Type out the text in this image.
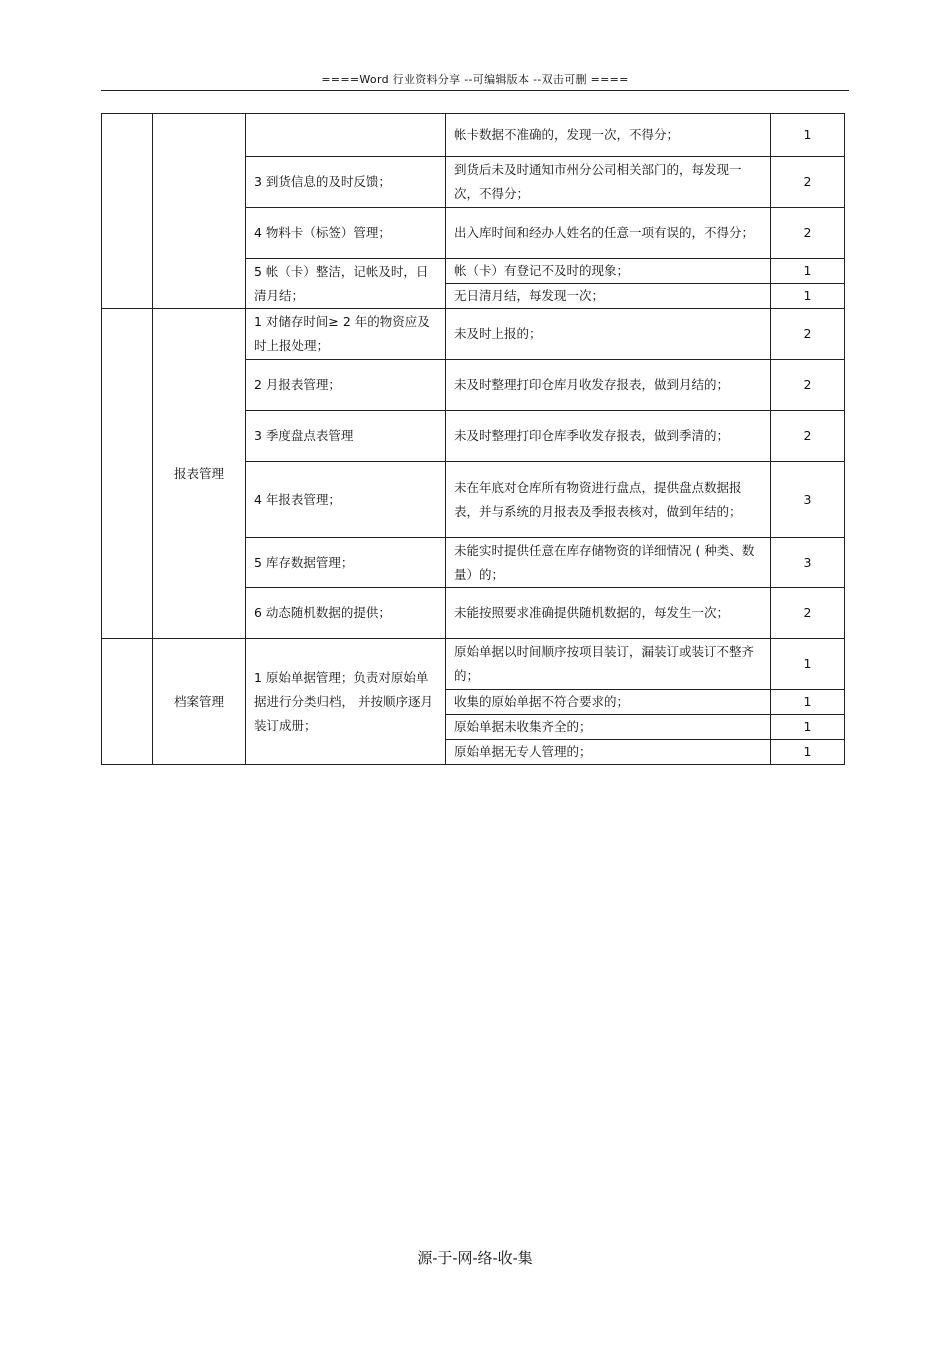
====Word 行业资料分享 --可编辑版本 --双击可删 ====
			帐卡数据不准确的，发现一次，不得分；	1
		3 到货信息的及时反馈；	到货后未及时通知市州分公司相关部门的，每发现一次，不得分；	2
		4 物料卡（标签）管理；	出入库时间和经办人姓名的任意一项有误的，不得分；	2
		5 帐（卡）整洁，记帐及时，日清月结；	帐（卡）有登记不及时的现象；	1
			无日清月结，每发现一次；	1
	报表管理	1 对储存时间≥ 2 年的物资应及时上报处理；	未及时上报的；	2
		2 月报表管理；	未及时整理打印仓库月收发存报表，做到月结的；	2
		3 季度盘点表管理	未及时整理打印仓库季收发存报表，做到季清的；	2
		4 年报表管理；	未在年底对仓库所有物资进行盘点，提供盘点数据报表，并与系统的月报表及季报表核对，做到年结的；	3
		5 库存数据管理；	未能实时提供任意在库存储物资的详细情况 ( 种类、数量）的；	3
		6 动态随机数据的提供；	未能按照要求准确提供随机数据的，每发生一次；	2
	档案管理	1 原始单据管理；负责对原始单据进行分类归档， 并按顺序逐月装订成册；	原始单据以时间顺序按项目装订，漏装订或装订不整齐的；	1
			收集的原始单据不符合要求的；	1
			原始单据未收集齐全的；	1
			原始单据无专人管理的；	1
源-于-网-络-收-集
